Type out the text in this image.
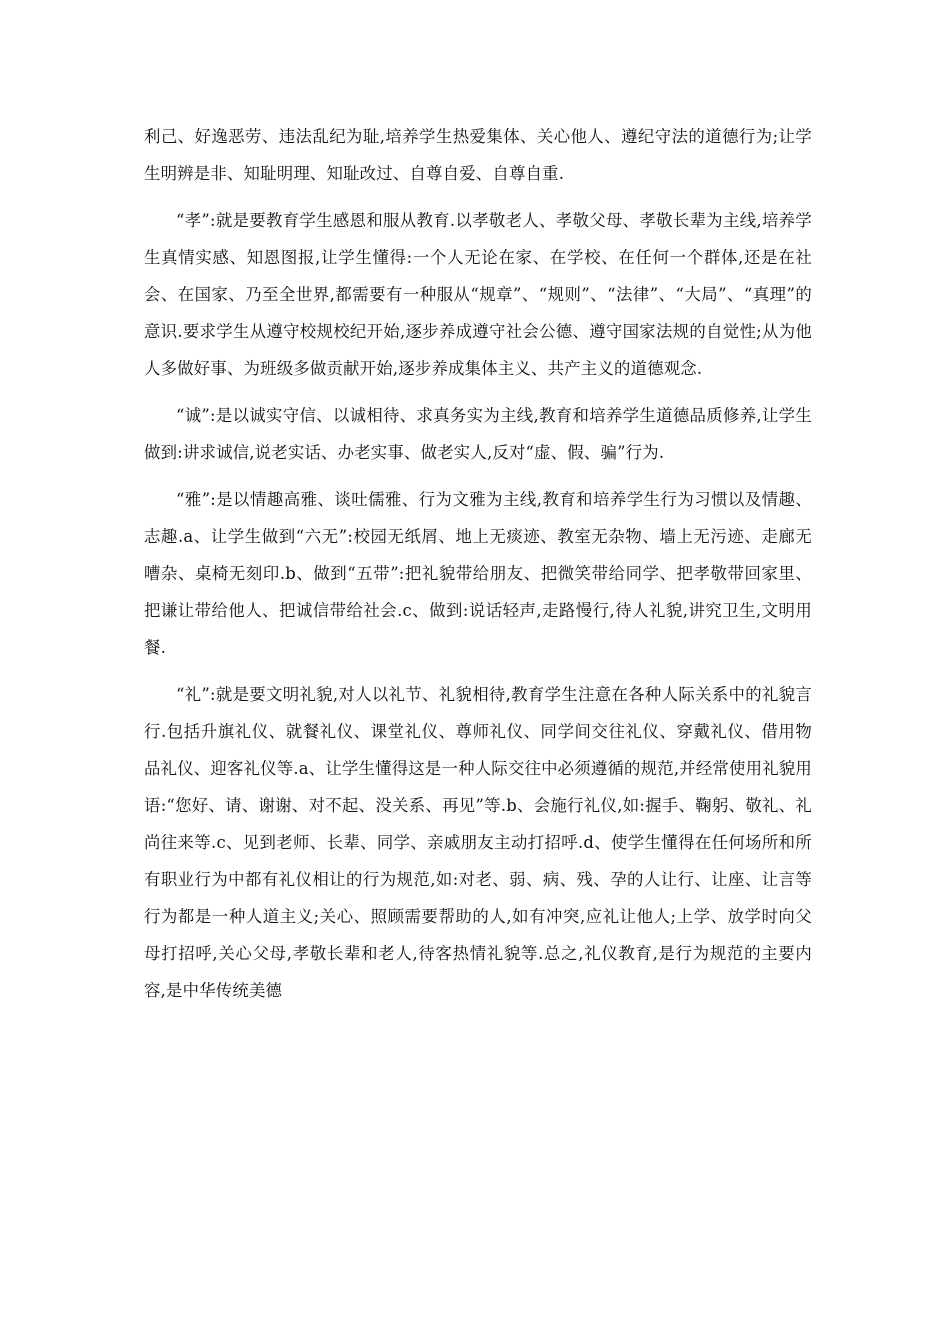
利己、好逸恶劳、违法乱纪为耻,培养学生热爱集体、关心他人、遵纪守法的道德行为;让学生明辨是非、知耻明理、知耻改过、自尊自爱、自尊自重.

“孝”:就是要教育学生感恩和服从教育.以孝敬老人、孝敬父母、孝敬长辈为主线,培养学生真情实感、知恩图报,让学生懂得:一个人无论在家、在学校、在任何一个群体,还是在社会、在国家、乃至全世界,都需要有一种服从“规章”、“规则”、“法律”、“大局”、“真理”的意识.要求学生从遵守校规校纪开始,逐步养成遵守社会公德、遵守国家法规的自觉性;从为他人多做好事、为班级多做贡献开始,逐步养成集体主义、共产主义的道德观念.

“诚”:是以诚实守信、以诚相待、求真务实为主线,教育和培养学生道德品质修养,让学生做到:讲求诚信,说老实话、办老实事、做老实人,反对“虚、假、骗”行为.

“雅”:是以情趣高雅、谈吐儒雅、行为文雅为主线,教育和培养学生行为习惯以及情趣、志趣.a、让学生做到“六无”:校园无纸屑、地上无痰迹、教室无杂物、墙上无污迹、走廊无嘈杂、桌椅无刻印.b、做到“五带”:把礼貌带给朋友、把微笑带给同学、把孝敬带回家里、把谦让带给他人、把诚信带给社会.c、做到:说话轻声,走路慢行,待人礼貌,讲究卫生,文明用餐.

“礼”:就是要文明礼貌,对人以礼节、礼貌相待,教育学生注意在各种人际关系中的礼貌言行.包括升旗礼仪、就餐礼仪、课堂礼仪、尊师礼仪、同学间交往礼仪、穿戴礼仪、借用物品礼仪、迎客礼仪等.a、让学生懂得这是一种人际交往中必须遵循的规范,并经常使用礼貌用语:“您好、请、谢谢、对不起、没关系、再见”等.b、会施行礼仪,如:握手、鞠躬、敬礼、礼尚往来等.c、见到老师、长辈、同学、亲戚朋友主动打招呼.d、使学生懂得在任何场所和所有职业行为中都有礼仪相让的行为规范,如:对老、弱、病、残、孕的人让行、让座、让言等行为都是一种人道主义;关心、照顾需要帮助的人,如有冲突,应礼让他人;上学、放学时向父母打招呼,关心父母,孝敬长辈和老人,待客热情礼貌等.总之,礼仪教育,是行为规范的主要内容,是中华传统美德
